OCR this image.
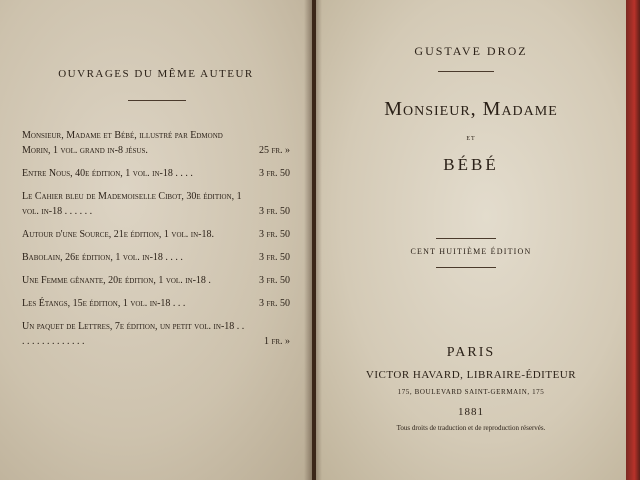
OUVRAGES DU MÊME AUTEUR
Monsieur, Madame et Bébé, illustré par Edmond Morin, 1 vol. grand in-8 jésus.	25 fr. »
Entre Nous, 40e édition, 1 vol. in-18 . . . .	3 fr. 50
Le Cahier bleu de Mademoiselle Cibot, 30e édition, 1 vol. in-18 . . . . . .	3 fr. 50
Autour d'une Source, 21e édition, 1 vol. in-18.	3 fr. 50
Babolain, 26e édition, 1 vol. in-18 . . . .	3 fr. 50
Une Femme gênante, 20e édition, 1 vol. in-18 .	3 fr. 50
Les Étangs, 15e édition, 1 vol. in-18 . . .	3 fr. 50
Un paquet de Lettres, 7e édition, un petit vol. in-18 . . . . . . . . . . . . . . .	1 fr. »
GUSTAVE DROZ
Monsieur, Madame
ET
BÉBÉ
CENT HUITIÈME ÉDITION
PARIS
VICTOR HAVARD, LIBRAIRE-ÉDITEUR
175, BOULEVARD SAINT-GERMAIN, 175
1881
Tous droits de traduction et de reproduction réservés.
